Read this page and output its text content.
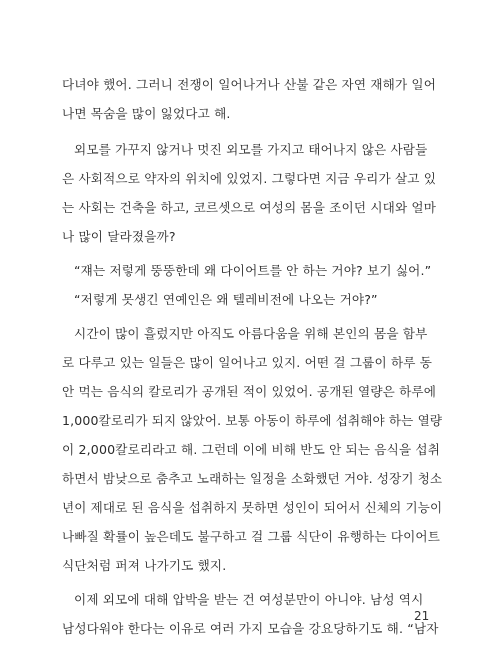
다녀야 했어. 그러니 전쟁이 일어나거나 산불 같은 자연 재해가 일어
나면 목숨을 많이 잃었다고 해.
외모를 가꾸지 않거나 멋진 외모를 가지고 태어나지 않은 사람들
은 사회적으로 약자의 위치에 있었지. 그렇다면 지금 우리가 살고 있
는 사회는 건축을 하고, 코르셋으로 여성의 몸을 조이던 시대와 얼마
나 많이 달라졌을까?
“쟤는 저렇게 뚱뚱한데 왜 다이어트를 안 하는 거야? 보기 싫어.”
“저렇게 못생긴 연예인은 왜 텔레비전에 나오는 거야?”
시간이 많이 흘렀지만 아직도 아름다움을 위해 본인의 몸을 함부
로 다루고 있는 일들은 많이 일어나고 있지. 어떤 걸 그룹이 하루 동
안 먹는 음식의 칼로리가 공개된 적이 있었어. 공개된 열량은 하루에
1,000칼로리가 되지 않았어. 보통 아동이 하루에 섭취해야 하는 열량
이 2,000칼로리라고 해. 그런데 이에 비해 반도 안 되는 음식을 섭취
하면서 밤낮으로 춤추고 노래하는 일정을 소화했던 거야. 성장기 청소
년이 제대로 된 음식을 섭취하지 못하면 성인이 되어서 신체의 기능이
나빠질 확률이 높은데도 불구하고 걸 그룹 식단이 유행하는 다이어트
식단처럼 퍼져 나가기도 했지.
이제 외모에 대해 압박을 받는 건 여성분만이 아니야. 남성 역시
남성다워야 한다는 이유로 여러 가지 모습을 강요당하기도 해. “남자
21
